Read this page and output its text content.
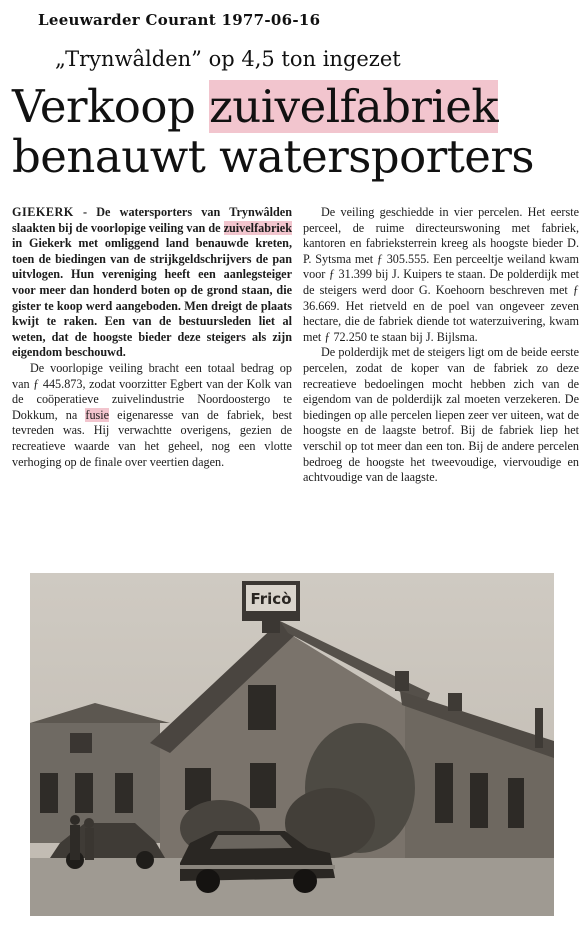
Leeuwarder Courant 1977-06-16
„Trynwâlden” op 4,5 ton ingezet
Verkoop zuivelfabriek
benauwt watersporters

GIEKERK - De watersporters van Trynwâlden slaakten bij de voorlopige veiling van de zuivelfabriek in Giekerk met omliggend land benauwde kreten, toen de biedingen van de strijkgeldschrijvers de pan uitvlogen. Hun vereniging heeft een aanlegsteiger voor meer dan honderd boten op de grond staan, die gister te koop werd aangeboden. Men dreigt de plaats kwijt te raken. Een van de bestuursleden liet al weten, dat de hoogste bieder deze steigers als zijn eigendom beschouwd.

De voorlopige veiling bracht een totaal bedrag op van ƒ 445.873, zodat voorzitter Egbert van der Kolk van de coöperatieve zuivelindustrie Noordoostergo te Dokkum, na fusie eigenaresse van de fabriek, best tevreden was. Hij verwachtte overigens, gezien de recreatieve waarde van het geheel, nog een vlotte verhoging op de finale over veertien dagen.

De veiling geschiedde in vier percelen. Het eerste perceel, de ruime directeurswoning met fabriek, kantoren en fabrieksterrein kreeg als hoogste bieder D. P. Sytsma met ƒ 305.555. Een perceeltje weiland kwam voor ƒ 31.399 bij J. Kuipers te staan. De polderdijk met de steigers werd door G. Koehoorn beschreven met ƒ 36.669. Het rietveld en de poel van ongeveer zeven hectare, die de fabriek diende tot waterzuivering, kwam met ƒ 72.250 te staan bij J. Bijlsma.

De polderdijk met de steigers ligt om de beide eerste percelen, zodat de koper van de fabriek zo deze recreatieve bedoelingen mocht hebben zich van de eigendom van de polderdijk zal moeten verzekeren. De biedingen op alle percelen liepen zeer ver uiteen, wat de hoogste en de laagste betrof. Bij de fabriek liep het verschil op tot meer dan een ton. Bij de andere percelen bedroeg de hoogste het tweevoudige, viervoudige en achtvoudige van de laagste.

Fricò
